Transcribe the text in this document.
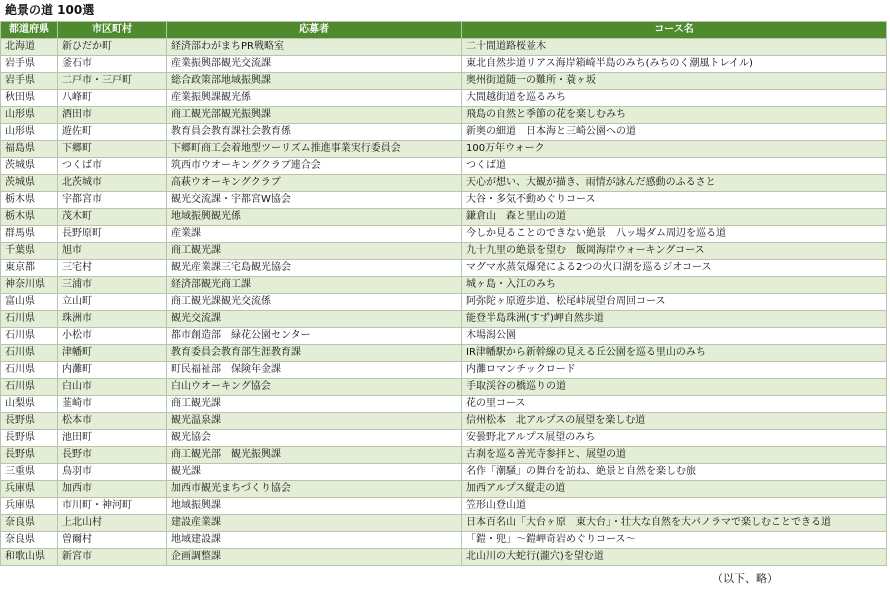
絶景の道 100選
都道府県	市区町村	応募者	コース名
北海道	新ひだか町	経済部わがまちPR戦略室	二十間道路桜並木
岩手県	釜石市	産業振興部観光交流課	東北自然歩道リアス海岸箱崎半島のみち(みちのく潮風トレイル)
岩手県	二戸市・三戸町	総合政策部地域振興課	奥州街道随一の難所・蓑ヶ坂
秋田県	八峰町	産業振興課観光係	大間越街道を巡るみち
山形県	酒田市	商工観光部観光振興課	飛島の自然と季節の花を楽しむみち
山形県	遊佐町	教育員会教育課社会教育係	新奥の細道　日本海と三崎公園への道
福島県	下郷町	下郷町商工会着地型ツーリズム推進事業実行委員会	100万年ウォーク
茨城県	つくば市	筑西市ウオーキングクラブ連合会	つくば道
茨城県	北茨城市	高萩ウオーキングクラブ	天心が想い、大観が描き、雨情が詠んだ感動のふるさと
栃木県	宇都宮市	観光交流課・宇都宮W協会	大谷・多気不動めぐりコース
栃木県	茂木町	地域振興観光係	鎌倉山　森と里山の道
群馬県	長野原町	産業課	今しか見ることのできない絶景　八ッ場ダム周辺を巡る道
千葉県	旭市	商工観光課	九十九里の絶景を望む　飯岡海岸ウォーキングコース
東京都	三宅村	観光産業課三宅島観光協会	マグマ水蒸気爆発による2つの火口湖を巡るジオコース
神奈川県	三浦市	経済部観光商工課	城ヶ島・入江のみち
富山県	立山町	商工観光課観光交流係	阿弥陀ヶ原遊歩道、松尾峠展望台周回コース
石川県	珠洲市	観光交流課	能登半島珠洲(すず)岬自然歩道
石川県	小松市	都市創造部　緑花公園センター	木場潟公園
石川県	津幡町	教育委員会教育部生涯教育課	IR津幡駅から新幹線の見える丘公園を巡る里山のみち
石川県	内灘町	町民福祉部　保険年金課	内灘ロマンチックロード
石川県	白山市	白山ウオーキング協会	手取渓谷の橋巡りの道
山梨県	韮崎市	商工観光課	花の里コース
長野県	松本市	観光温泉課	信州松本　北アルプスの展望を楽しむ道
長野県	池田町	観光協会	安曇野北アルプス展望のみち
長野県	長野市	商工観光部　観光振興課	古刹を巡る善光寺参拝と、展望の道
三重県	鳥羽市	観光課	名作「潮騒」の舞台を訪ね、絶景と自然を楽しむ旅
兵庫県	加西市	加西市観光まちづくり協会	加西アルプス縦走の道
兵庫県	市川町・神河町	地域振興課	笠形山登山道
奈良県	上北山村	建設産業課	日本百名山「大台ヶ原　東大台」・壮大な自然を大パノラマで楽しむことできる道
奈良県	曽爾村	地域建設課	「鎧・兜」～鎧岬奇岩めぐりコース～
和歌山県	新宮市	企画調整課	北山川の大蛇行(瀧穴)を望む道
（以下、略）
